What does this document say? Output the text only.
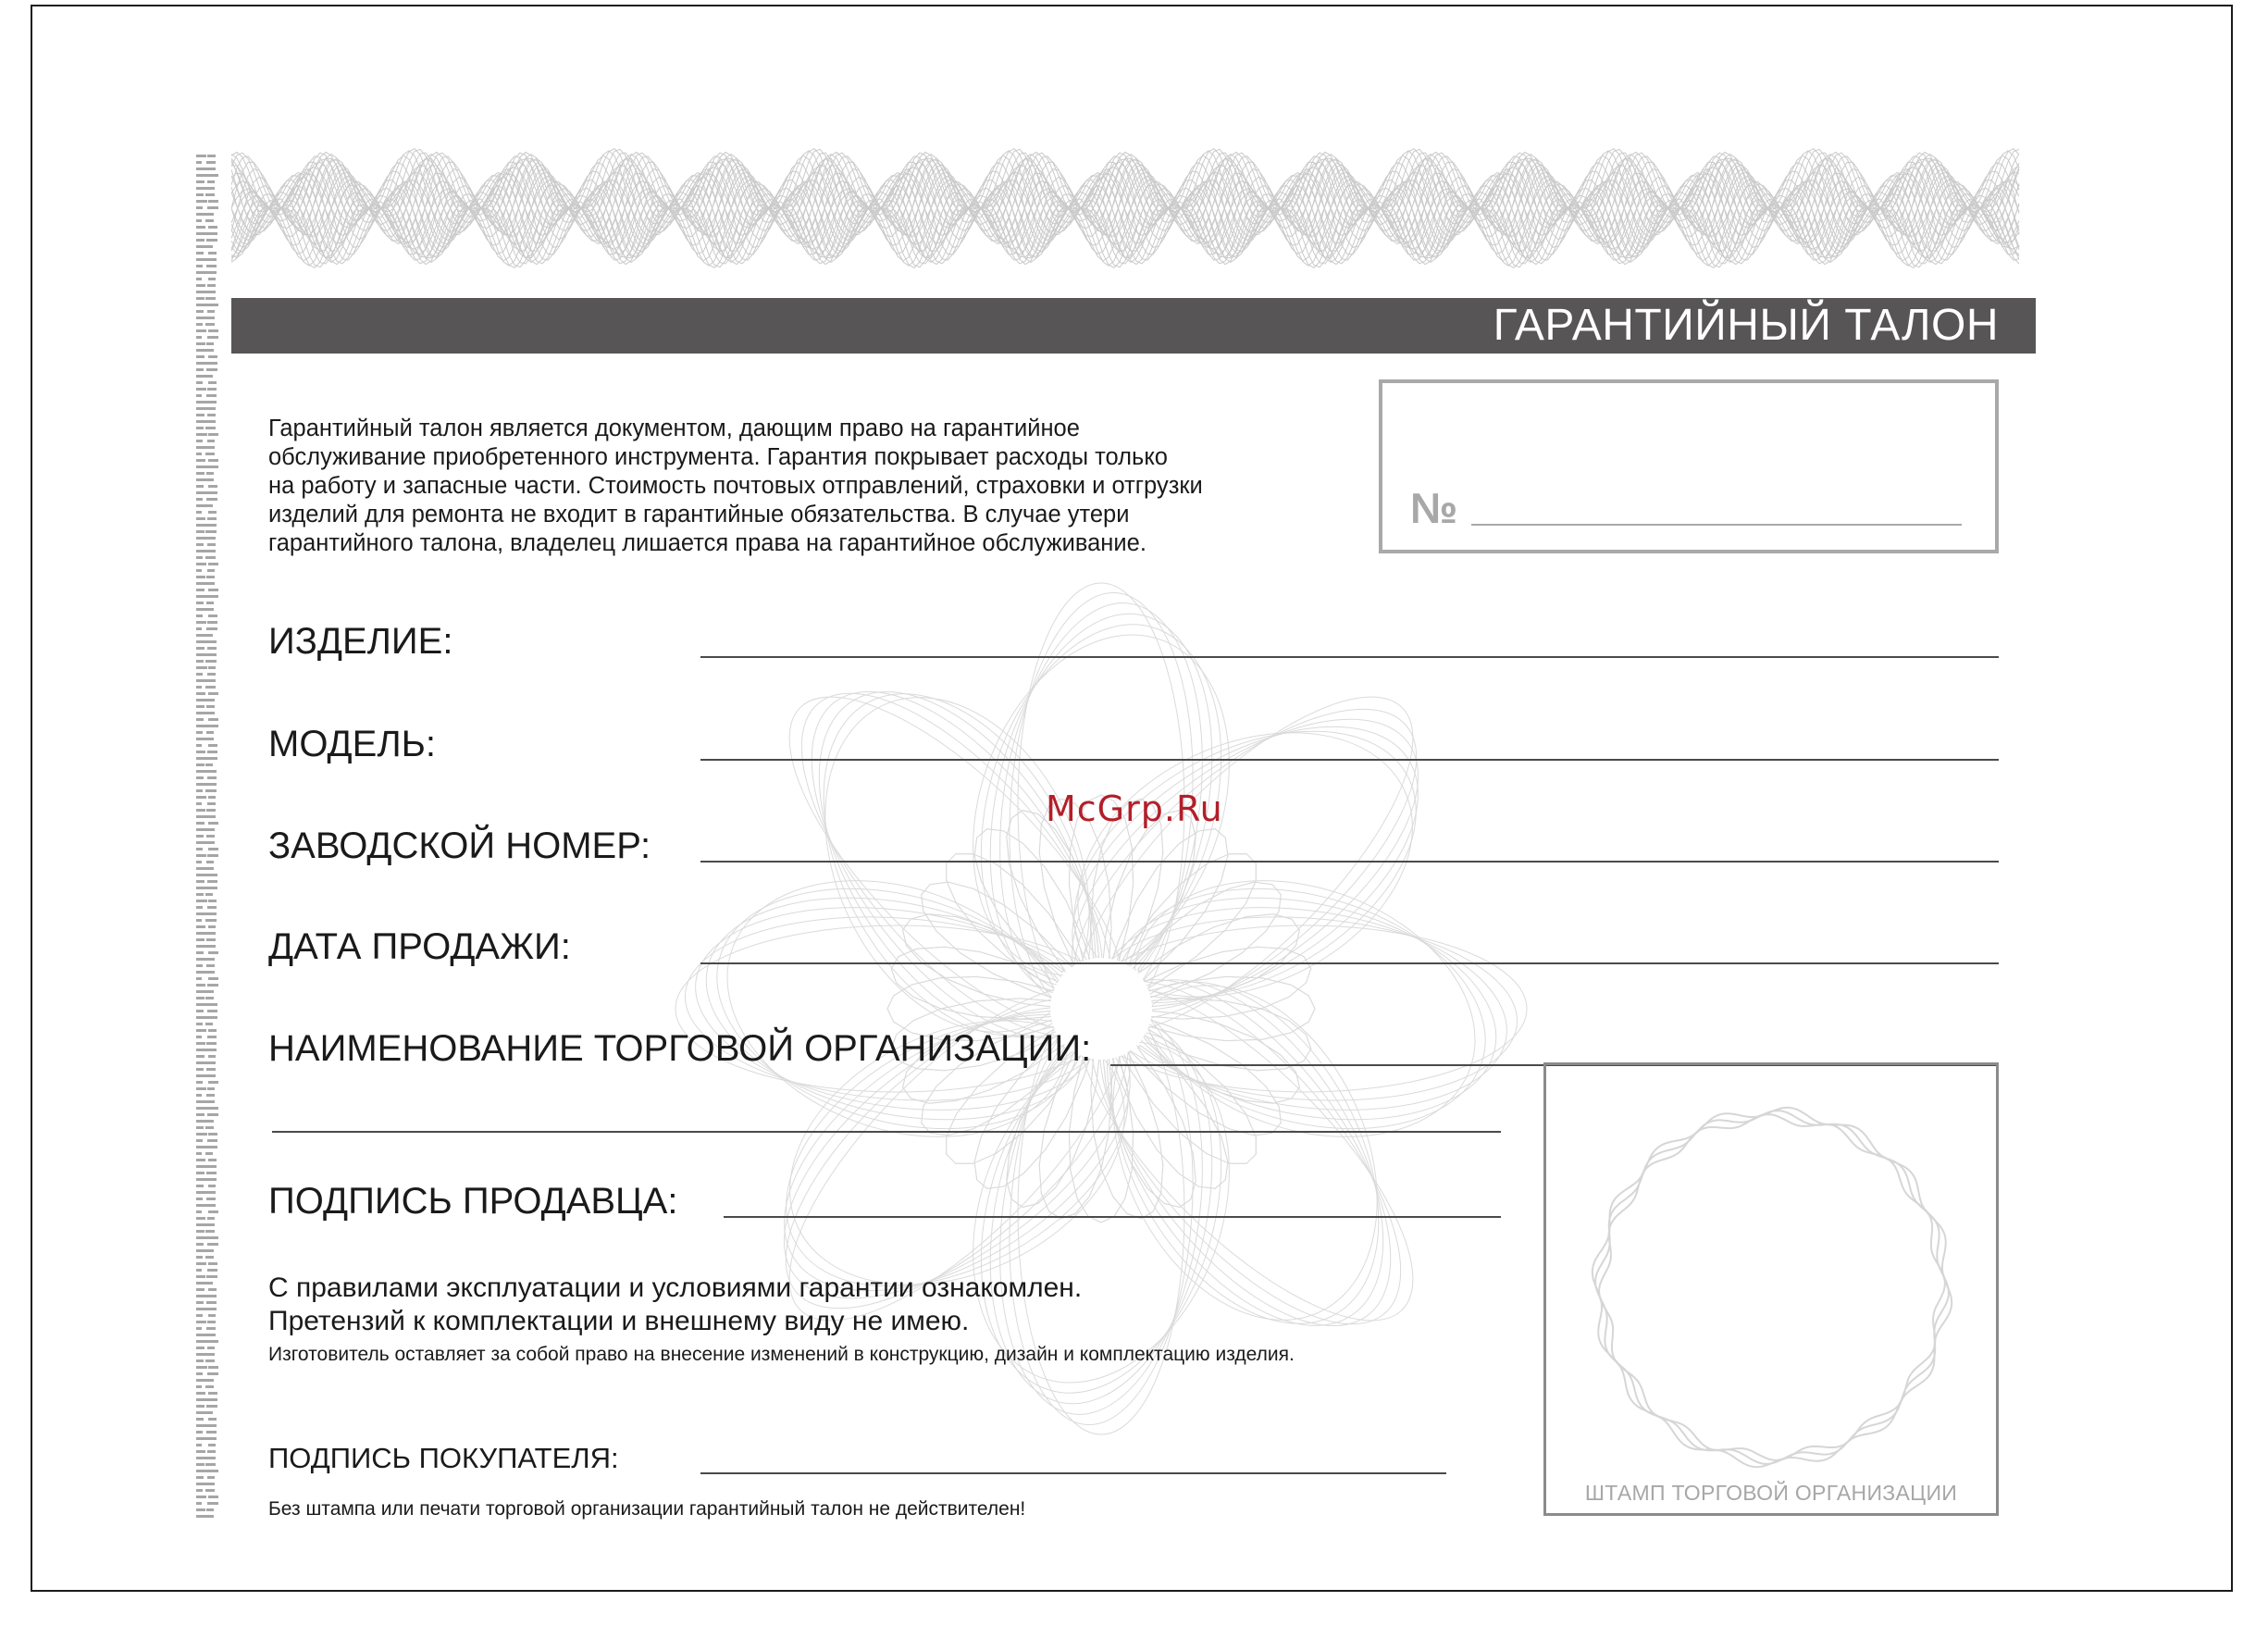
ГАРАНТИЙНЫЙ ТАЛОН

Гарантийный талон является документом, дающим право на гарантийное
обслуживание приобретенного инструмента. Гарантия покрывает расходы только
на работу и запасные части. Стоимость почтовых отправлений, страховки и отгрузки
изделий для ремонта не входит в гарантийные обязательства. В случае утери
гарантийного талона, владелец лишается права на гарантийное обслуживание.

№
ИЗДЕЛИЕ:
МОДЕЛЬ:
ЗАВОДСКОЙ НОМЕР:
ДАТА ПРОДАЖИ:
НАИМЕНОВАНИЕ ТОРГОВОЙ ОРГАНИЗАЦИИ:
ПОДПИСЬ ПРОДАВЦА:
McGrp.Ru
ШТАМП ТОРГОВОЙ ОРГАНИЗАЦИИ
С правилами эксплуатации и условиями гарантии ознакомлен.
Претензий к комплектации и внешнему виду не имею.
Изготовитель оставляет за собой право на внесение изменений в конструкцию, дизайн и комплектацию изделия.
ПОДПИСЬ ПОКУПАТЕЛЯ:
Без штампа или печати торговой организации гарантийный талон не действителен!
